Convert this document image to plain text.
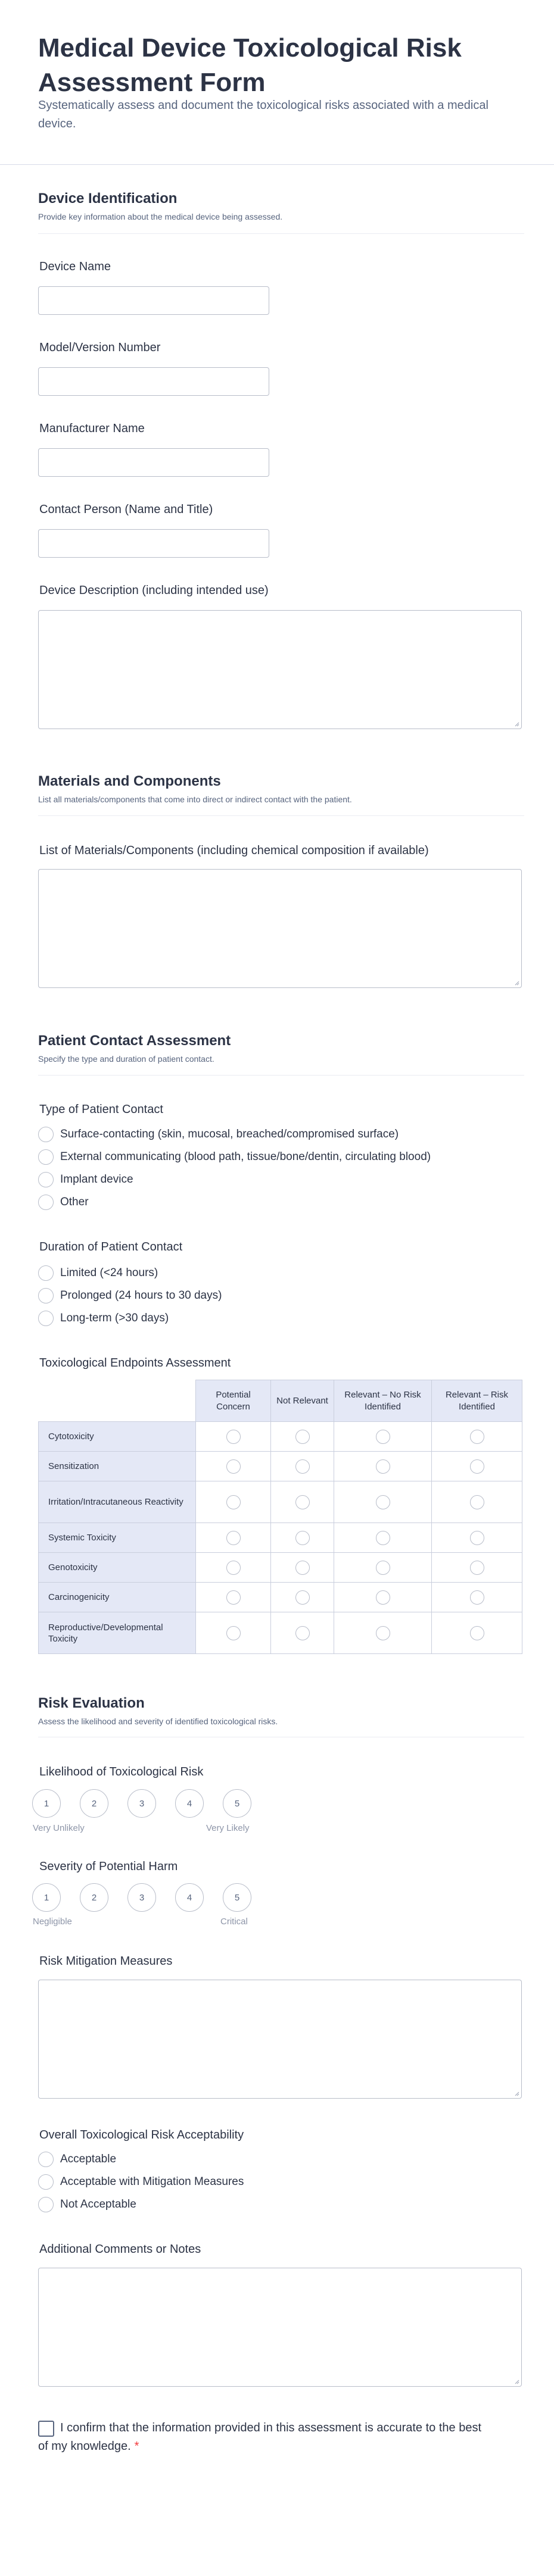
Medical Device Toxicological Risk Assessment Form
Systematically assess and document the toxicological risks associated with a medical device.
Device Identification
Provide key information about the medical device being assessed.
Device Name
Model/Version Number
Manufacturer Name
Contact Person (Name and Title)
Device Description (including intended use)
Materials and Components
List all materials/components that come into direct or indirect contact with the patient.
List of Materials/Components (including chemical composition if available)
Patient Contact Assessment
Specify the type and duration of patient contact.
Type of Patient Contact
Surface-contacting (skin, mucosal, breached/compromised surface)
External communicating (blood path, tissue/bone/dentin, circulating blood)
Implant device
Other
Duration of Patient Contact
Limited (<24 hours)
Prolonged (24 hours to 30 days)
Long-term (>30 days)
Toxicological Endpoints Assessment
	Potential Concern	Not Relevant	Relevant – No Risk Identified	Relevant – Risk Identified
Cytotoxicity				
Sensitization				
Irritation/Intracutaneous Reactivity				
Systemic Toxicity				
Genotoxicity				
Carcinogenicity				
Reproductive/Developmental Toxicity				
Risk Evaluation
Assess the likelihood and severity of identified toxicological risks.
Likelihood of Toxicological Risk
1	2	3	4	5
Very Unlikely	Very Likely
Severity of Potential Harm
1	2	3	4	5
Negligible	Critical
Risk Mitigation Measures
Overall Toxicological Risk Acceptability
Acceptable
Acceptable with Mitigation Measures
Not Acceptable
Additional Comments or Notes
I confirm that the information provided in this assessment is accurate to the best of my knowledge. *
